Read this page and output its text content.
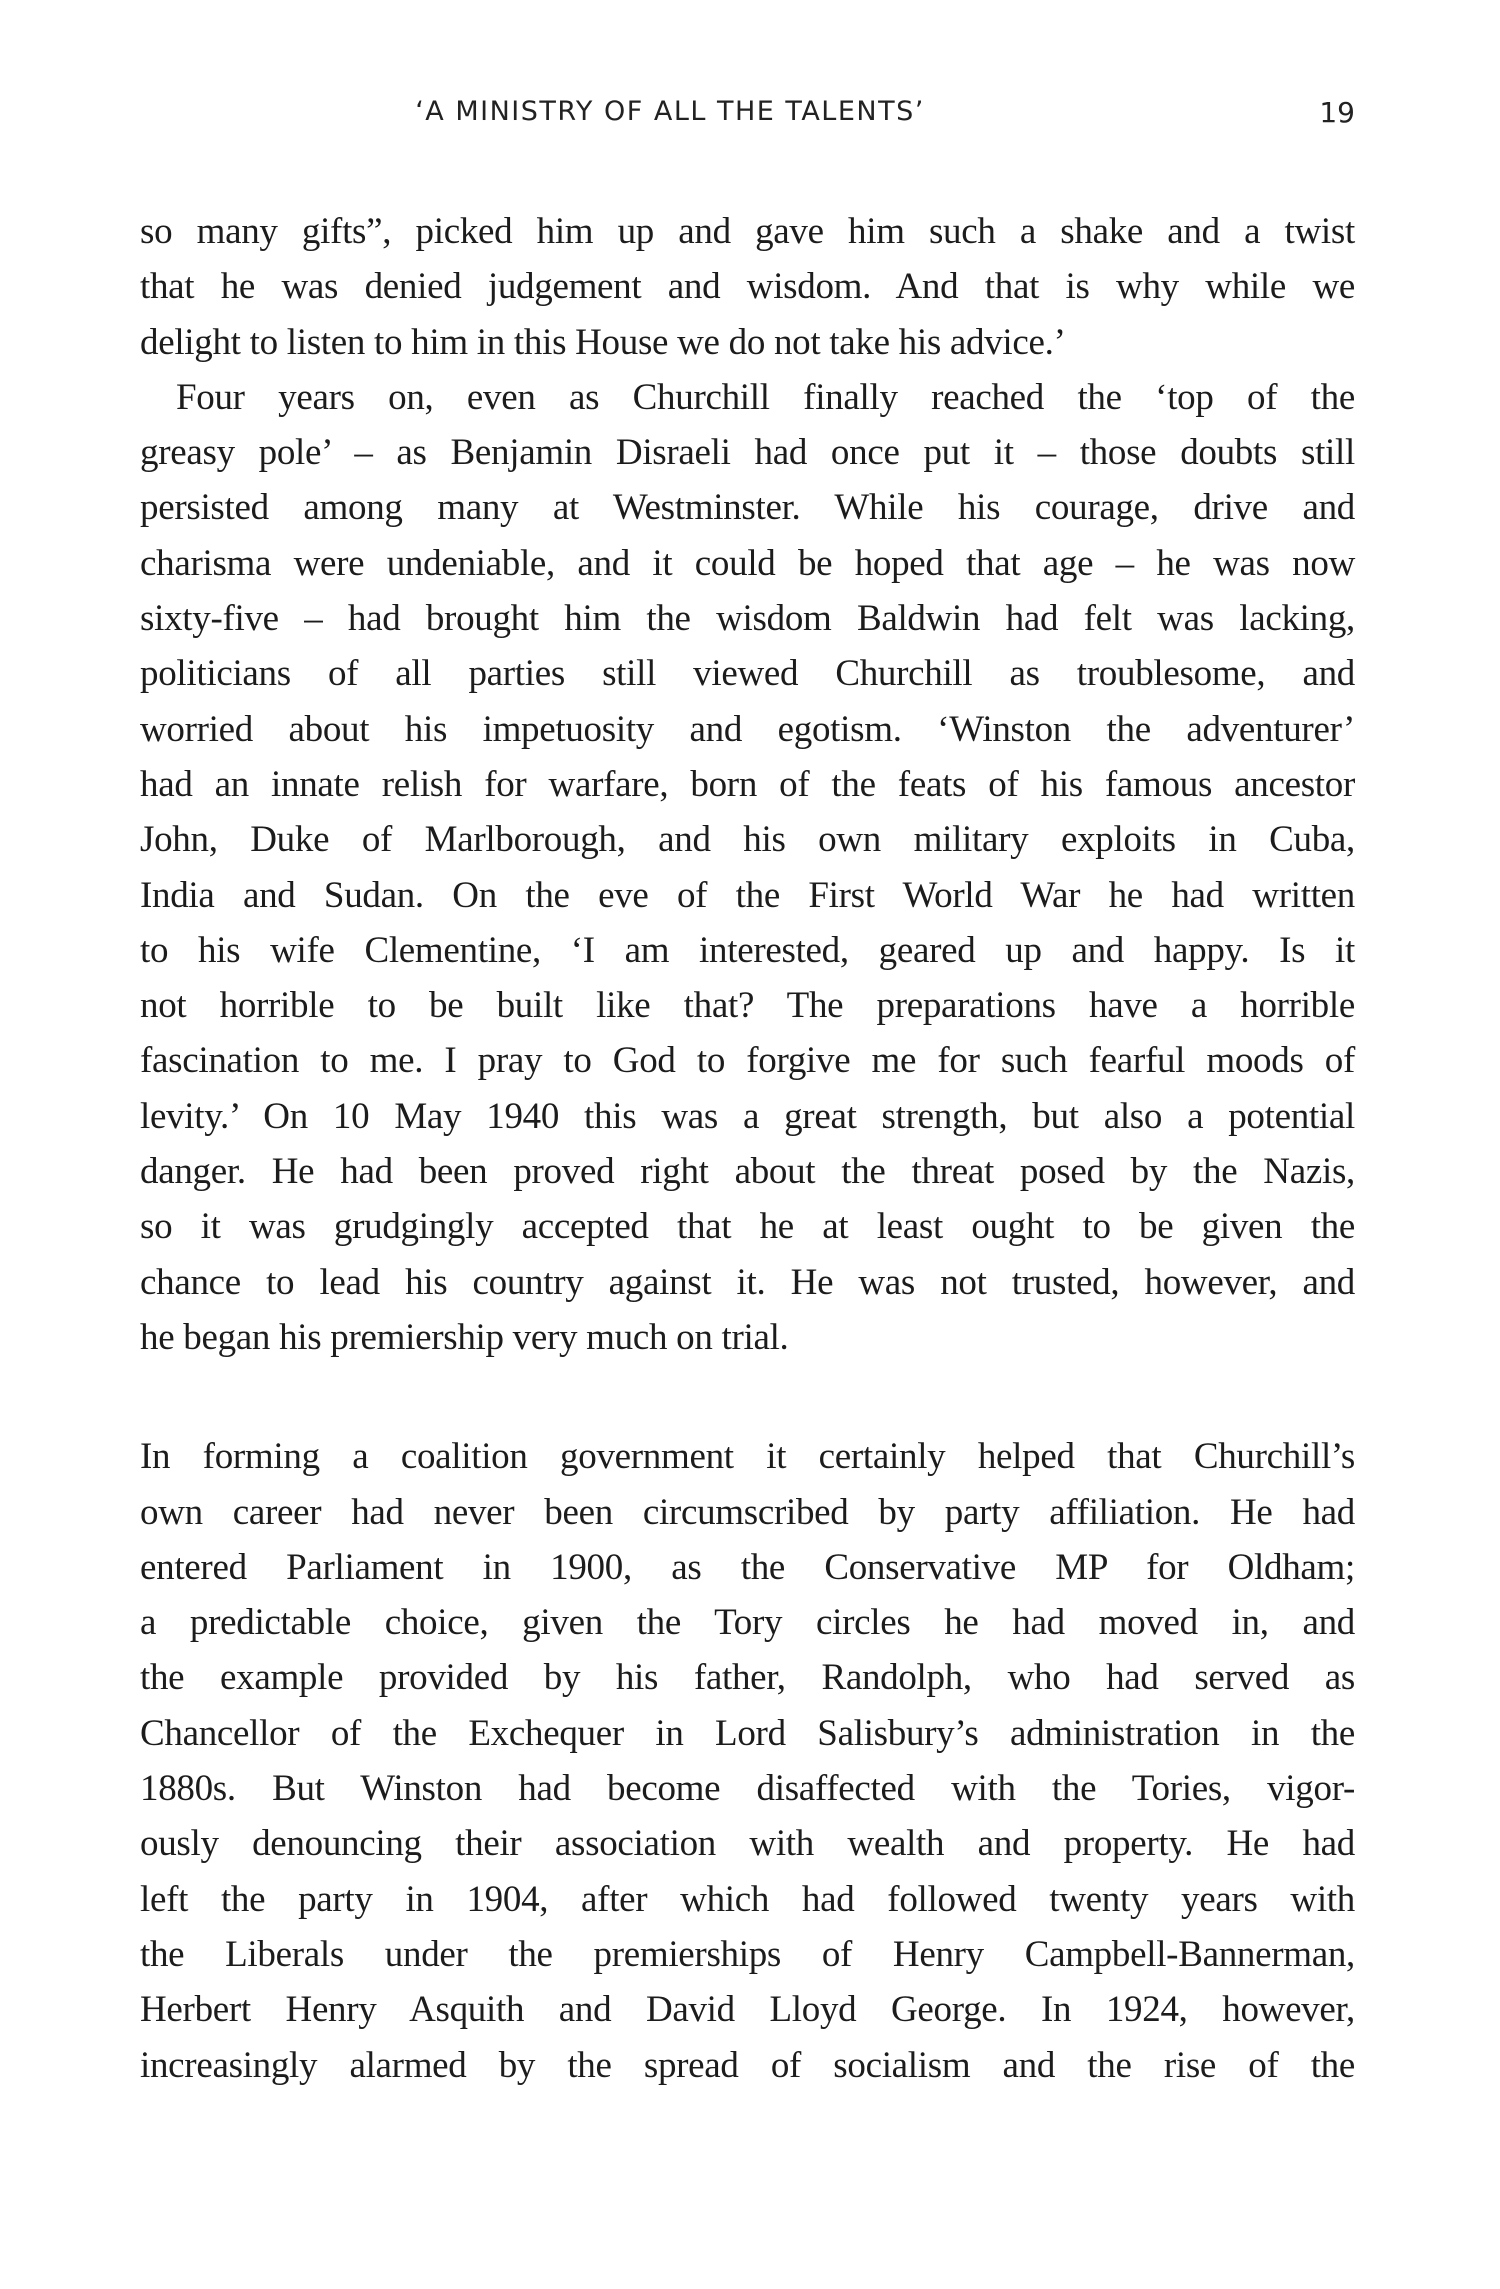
‘A MINISTRY OF ALL THE TALENTS’	19
so many gifts”, picked him up and gave him such a shake and a twist
that he was denied judgement and wisdom. And that is why while we
delight to listen to him in this House we do not take his advice.’
Four years on, even as Churchill finally reached the ‘top of the
greasy pole’ – as Benjamin Disraeli had once put it – those doubts still
persisted among many at Westminster. While his courage, drive and
charisma were undeniable, and it could be hoped that age – he was now
sixty-five – had brought him the wisdom Baldwin had felt was lacking,
politicians of all parties still viewed Churchill as troublesome, and
worried about his impetuosity and egotism. ‘Winston the adventurer’
had an innate relish for warfare, born of the feats of his famous ancestor
John, Duke of Marlborough, and his own military exploits in Cuba,
India and Sudan. On the eve of the First World War he had written
to his wife Clementine, ‘I am interested, geared up and happy. Is it
not horrible to be built like that? The preparations have a horrible
fascination to me. I pray to God to forgive me for such fearful moods of
levity.’ On 10 May 1940 this was a great strength, but also a potential
danger. He had been proved right about the threat posed by the Nazis,
so it was grudgingly accepted that he at least ought to be given the
chance to lead his country against it. He was not trusted, however, and
he began his premiership very much on trial.
In forming a coalition government it certainly helped that Churchill’s
own career had never been circumscribed by party affiliation. He had
entered Parliament in 1900, as the Conservative MP for Oldham;
a predictable choice, given the Tory circles he had moved in, and
the example provided by his father, Randolph, who had served as
Chancellor of the Exchequer in Lord Salisbury’s administration in the
1880s. But Winston had become disaffected with the Tories, vigor-
ously denouncing their association with wealth and property. He had
left the party in 1904, after which had followed twenty years with
the Liberals under the premierships of Henry Campbell-Bannerman,
Herbert Henry Asquith and David Lloyd George. In 1924, however,
increasingly alarmed by the spread of socialism and the rise of the
